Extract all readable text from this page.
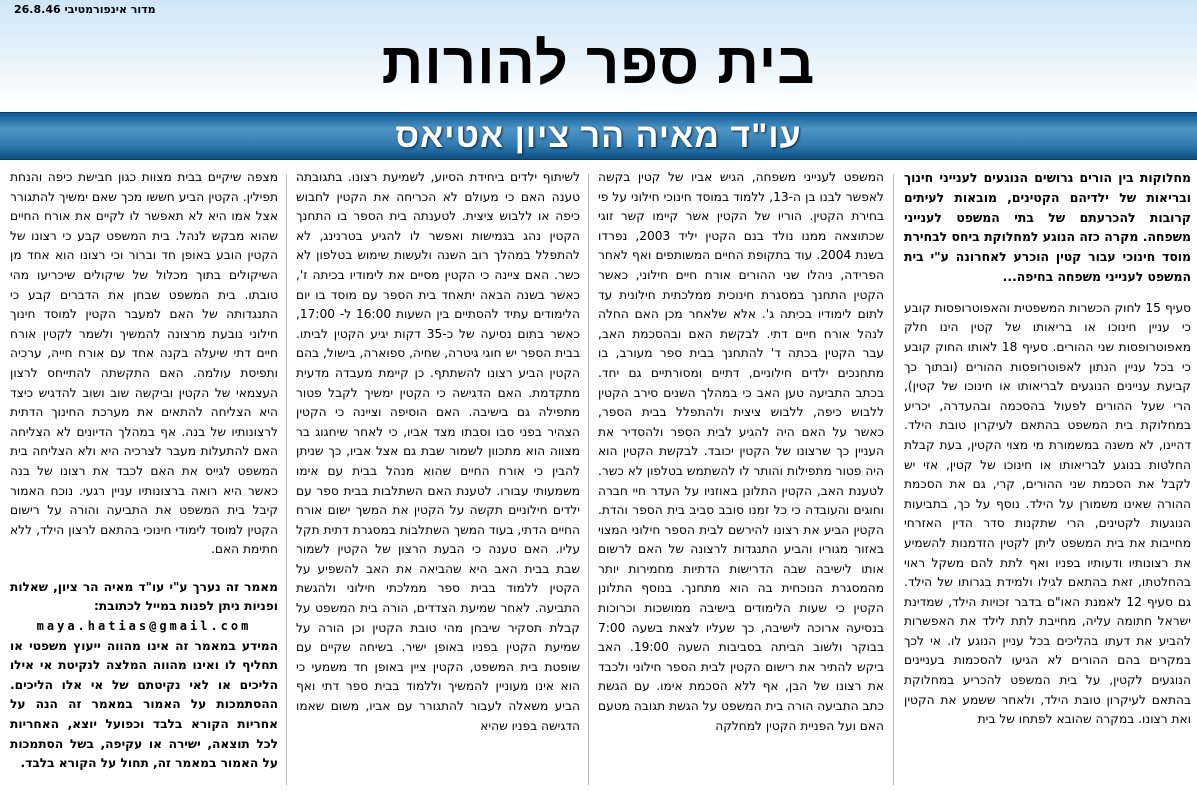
מדור אינפורמטיבי 26.8.46
בית ספר להורות
עו"ד מאיה הר ציון אטיאס

מחלוקות בין הורים גרושים הנוגעים לענייני חינוך ובריאות של ילדיהם הקטינים, מובאות לעיתים קרובות להכרעתם של בתי המשפט לענייני משפחה. מקרה כזה הנוגע למחלוקת ביחס לבחירת מוסד חינוכי עבור קטין הוכרע לאחרונה ע"י בית המשפט לענייני משפחה בחיפה...

סעיף 15 לחוק הכשרות המשפטית והאפוטרופסות קובע כי עניין חינוכו או בריאותו של קטין הינו חלק מאפוטרופסות שני ההורים. סעיף 18 לאותו החוק קובע כי בכל עניין הנתון לאפוטרופסות ההורים (ובתוך כך קביעת עניינים הנוגעים לבריאותו או חינוכו של קטין), הרי שעל ההורים לפעול בהסכמה ובהעדרה, יכריע במחלוקת בית המשפט בהתאם לעיקרון טובת הילד. דהיינו, לא משנה במשמורת מי מצוי הקטין, בעת קבלת החלטות בנוגע לבריאותו או חינוכו של קטין, אזי יש לקבל את הסכמת שני ההורים, קרי, גם את הסכמת ההורה שאינו משמורן על הילד. נוסף על כך, בתביעות הנוגעות לקטינים, הרי שתקנות סדר הדין האזרחי מחייבות את בית המשפט ליתן לקטין הזדמנות להשמיע את רצונותיו ודעותיו בפניו ואף לתת להם משקל ראוי בהחלטתו, זאת בהתאם לגילו ולמידת בגרותו של הילד. גם סעיף 12 לאמנת האו"ם בדבר זכויות הילד, שמדינת ישראל חתומה עליה, מחייבת לתת לילד את האפשרות להביע את דעתו בהליכים בכל עניין הנוגע לו. אי לכך במקרים בהם ההורים לא הגיעו להסכמות בעניינים הנוגעים לקטין, על בית המשפט להכריע במחלוקת בהתאם לעיקרון טובת הילד, ולאחר ששמע את הקטין ואת רצונו. במקרה שהובא לפתחו של בית

המשפט לענייני משפחה, הגיש אביו של קטין בקשה לאפשר לבנו בן ה-13, ללמוד במוסד חינוכי חילוני על פי בחירת הקטין. הוריו של הקטין אשר קיימו קשר זוגי שכתוצאה ממנו נולד בנם הקטין יליד 2003, נפרדו בשנת 2004. עוד בתקופת החיים המשותפים ואף לאחר הפרידה, ניהלו שני ההורים אורח חיים חילוני, כאשר הקטין התחנך במסגרת חינוכית ממלכתית חילונית עד לתום לימודיו בכיתה ג'. אלא שלאחר מכן האם החלה לנהל אורח חיים דתי. לבקשת האם ובהסכמת האב, עבר הקטין בכתה ד' להתחנך בבית ספר מעורב, בו מתחנכים ילדים חילוניים, דתיים ומסורתיים גם יחד. בכתב התביעה טען האב כי במהלך השנים סירב הקטין ללבוש כיפה, ללבוש ציצית ולהתפלל בבית הספר, כאשר על האם היה להגיע לבית הספר ולהסדיר את העניין כך שרצונו של הקטין יכובד. לבקשת הקטין הוא היה פטור מתפילות והותר לו להשתמש בטלפון לא כשר. לטענת האב, הקטין התלונן באוזניו על העדר חיי חברה וחוגים והעובדה כי כל זמנו סובב סביב בית הספר והדת. הקטין הביע את רצונו להירשם לבית הספר חילוני המצוי באזור מגוריו והביע התנגדות לרצונה של האם לרשום אותו לישיבה שבה הדרישות הדתיות מחמירות יותר מהמסגרת הנוכחית בה הוא מתחנך. בנוסף התלונן הקטין כי שעות הלימודים בישיבה ממושכות וכרוכות בנסיעה ארוכה לישיבה, כך שעליו לצאת בשעה 7:00 בבוקר ולשוב הביתה בסביבות השעה 19:00. האב ביקש להתיר את רישום הקטין לבית הספר חילוני ולכבד את רצונו של הבן, אף ללא הסכמת אימו. עם הגשת כתב התביעה הורה בית המשפט על הגשת תגובה מטעם האם ועל הפניית הקטין למחלקה

לשיתוף ילדים ביחידת הסיוע, לשמיעת רצונו. בתגובתה טענה האם כי מעולם לא הכריחה את הקטין לחבוש כיפה או ללבוש ציצית. לטענתה בית הספר בו התחנך הקטין נהג בגמישות ואפשר לו להגיע בטרנינג, לא להתפלל במהלך רוב השנה ולעשות שימוש בטלפון לא כשר. האם ציינה כי הקטין מסיים את לימודיו בכיתה ז', כאשר בשנה הבאה יתאחד בית הספר עם מוסד בו יום הלימודים עתיד להסתיים בין השעות 16:00 ל- 17:00, כאשר בתום נסיעה של כ-35 דקות יגיע הקטין לביתו. בבית הספר יש חוגי גיטרה, שחיה, ספוארה, בישול, בהם הקטין הביע רצונו להשתתף. כן קיימת מעבדה מדעית מתקדמת. האם הדגישה כי הקטין ימשיך לקבל פטור מתפילה גם בישיבה. האם הוסיפה וציינה כי הקטין הצהיר בפני סבו וסבתו מצד אביו, כי לאחר שיחגוג בר מצווה הוא מתכוון לשמור שבת גם אצל אביו, כך שניתן להבין כי אורח החיים שהוא מנהל בבית עם אימו משמעותי עבורו. לטענת האם השתלבות בבית ספר עם ילדים חילוניים תקשה על הקטין את המשך ישום אורח החיים הדתי, בעוד המשך השתלבות במסגרת דתית תקל עליו. האם טענה כי הבעת הרצון של הקטין לשמור שבת בבית האב היא שהביאה את האב להשפיע על הקטין ללמוד בבית ספר ממלכתי חילוני ולהגשת התביעה. לאחר שמיעת הצדדים, הורה בית המשפט על קבלת תסקיר שיבחן מהי טובת הקטין וכן הורה על שמיעת הקטין בפניו באופן ישיר. בשיחה שקיים עם שופטת בית המשפט, הקטין ציין באופן חד משמעי כי הוא אינו מעוניין להמשיך וללמוד בבית ספר דתי ואף הביע משאלה לעבור להתגורר עם אביו, משום שאמו הדגישה בפניו שהיא

מצפה שיקיים בבית מצוות כגון חבישת כיפה והנחת תפילין. הקטין הביע חששו מכך שאם ימשיך להתגורר אצל אמו היא לא תאפשר לו לקיים את אורח החיים שהוא מבקש לנהל. בית המשפט קבע כי רצונו של הקטין הובע באופן חד וברור וכי רצונו הוא אחד מן השיקולים בתוך מכלול של שיקולים שיכריעו מהי טובתו. בית המשפט שבחן את הדברים קבע כי התנגדותה של האם למעבר הקטין למוסד חינוך חילוני נובעת מרצונה להמשיך ולשמר לקטין אורח חיים דתי שיעלה בקנה אחד עם אורח חייה, ערכיה ותפיסת עולמה. האם התקשתה להתייחס לרצון העצמאי של הקטין וביקשה שוב ושוב להדגיש כיצד היא הצליחה להתאים את מערכת החינוך הדתית לרצונותיו של בנה. אף במהלך הדיונים לא הצליחה האם להתעלות מעבר לצרכיה היא ולא הצליחה בית המשפט לגייס את האם לכבד את רצונו של בנה כאשר היא רואה ברצונותיו עניין רגעי. נוכח האמור קיבל בית המשפט את התביעה והורה על רישום הקטין למוסד לימודי חינוכי בהתאם לרצון הילד, ללא חתימת האם.

מאמר זה נערך ע"י עו"ד מאיה הר ציון, שאלות ופניות ניתן לפנות במייל לכתובת:

maya.hatias@gmail.com

המידע במאמר זה אינו מהווה ייעוץ משפטי או תחליף לו ואינו מהווה המלצה לנקיטת אי אילו הליכים או לאי נקיטתם של אי אלו הליכים. ההסתמכות על האמור במאמר זה הנה על אחריות הקורא בלבד וכפועל יוצא, האחריות לכל תוצאה, ישירה או עקיפה, בשל הסתמכות על האמור במאמר זה, תחול על הקורא בלבד.
